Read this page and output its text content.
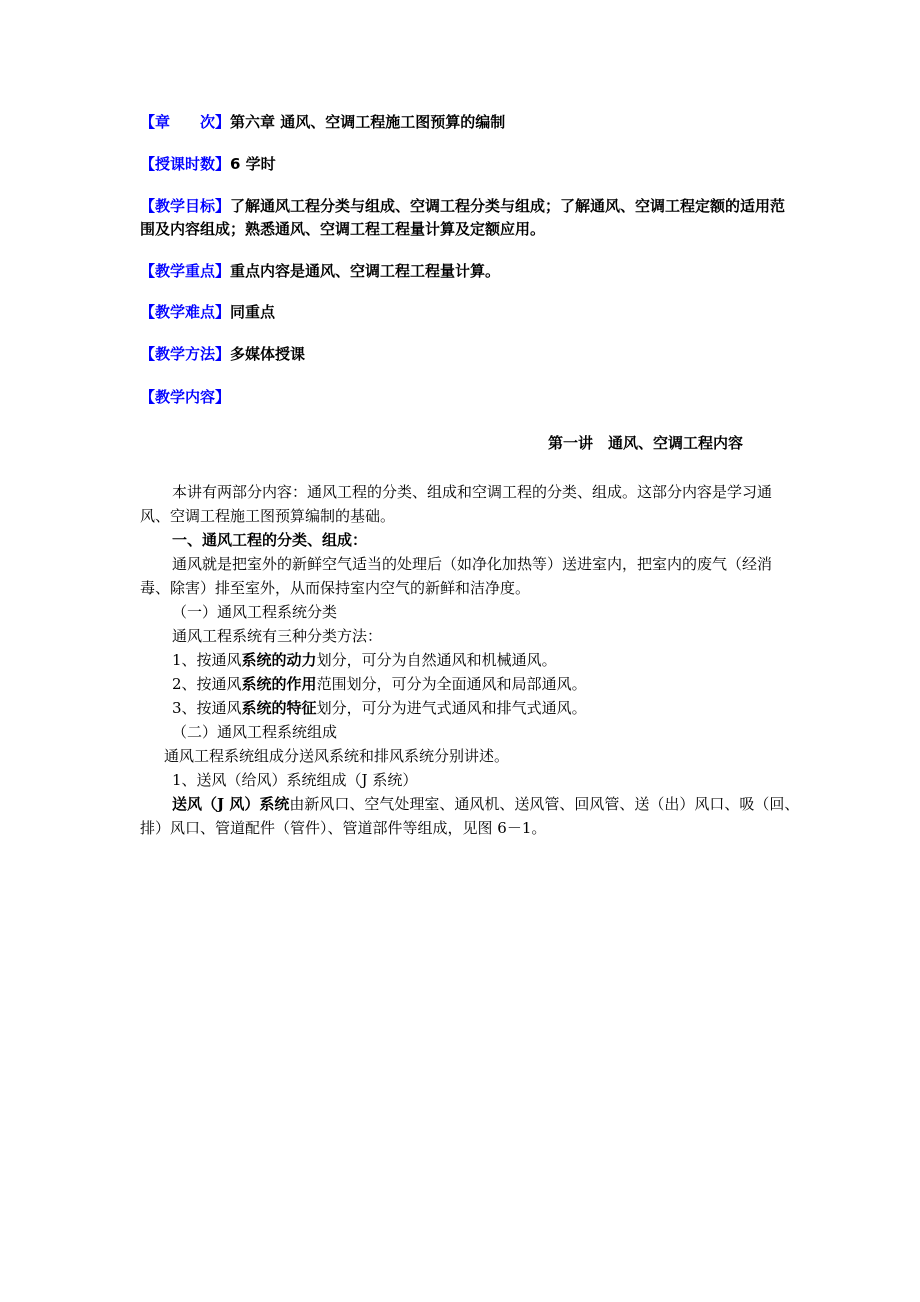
【章　　次】第六章 通风、空调工程施工图预算的编制
【授课时数】6 学时
【教学目标】了解通风工程分类与组成、空调工程分类与组成；了解通风、空调工程定额的适用范围及内容组成；熟悉通风、空调工程工程量计算及定额应用。
【教学重点】重点内容是通风、空调工程工程量计算。
【教学难点】同重点
【教学方法】多媒体授课
【教学内容】
第一讲　通风、空调工程内容

本讲有两部分内容：通风工程的分类、组成和空调工程的分类、组成。这部分内容是学习通风、空调工程施工图预算编制的基础。

一、通风工程的分类、组成：

通风就是把室外的新鲜空气适当的处理后（如净化加热等）送进室内，把室内的废气（经消毒、除害）排至室外，从而保持室内空气的新鲜和洁净度。

（一）通风工程系统分类

通风工程系统有三种分类方法：

1、按通风系统的动力划分，可分为自然通风和机械通风。

2、按通风系统的作用范围划分，可分为全面通风和局部通风。

3、按通风系统的特征划分，可分为进气式通风和排气式通风。

（二）通风工程系统组成

通风工程系统组成分送风系统和排风系统分别讲述。

1、送风（给风）系统组成（J 系统）

送风（J 风）系统由新风口、空气处理室、通风机、送风管、回风管、送（出）风口、吸（回、排）风口、管道配件（管件）、管道部件等组成，见图 6－1。
